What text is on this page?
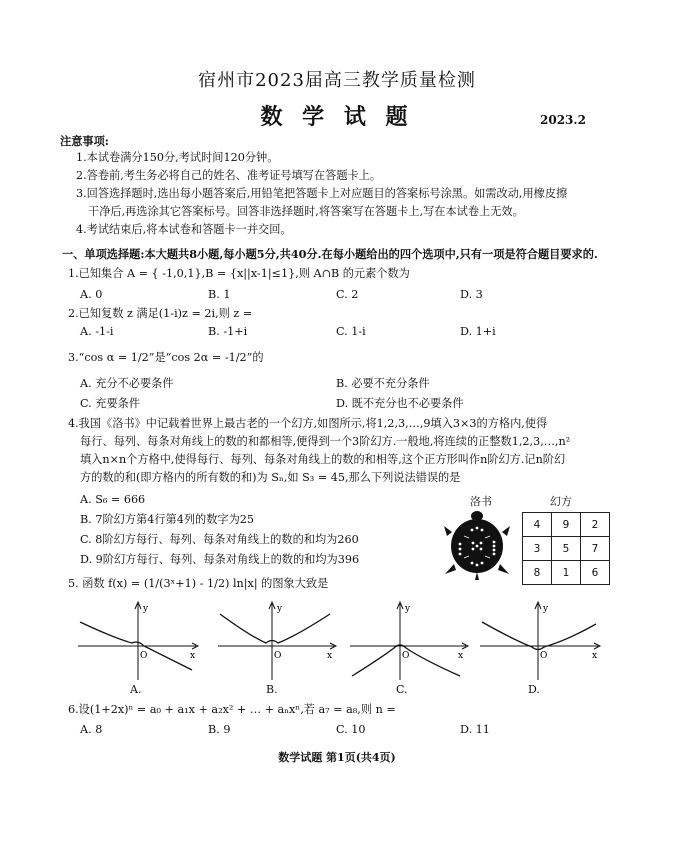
宿州市2023届高三教学质量检测
数 学 试 题	2023.2
注意事项:
1.本试卷满分150分,考试时间120分钟。
2.答卷前,考生务必将自己的姓名、准考证号填写在答题卡上。
3.回答选择题时,选出每小题答案后,用铅笔把答题卡上对应题目的答案标号涂黑。如需改动,用橡皮擦
干净后,再选涂其它答案标号。回答非选择题时,将答案写在答题卡上,写在本试卷上无效。
4.考试结束后,将本试卷和答题卡一并交回。
一、单项选择题:本大题共8小题,每小题5分,共40分.在每小题给出的四个选项中,只有一项是符合题目要求的.
1.已知集合 A = { -1,0,1},B = {x||x-1|≤1},则 A∩B 的元素个数为
A. 0	B. 1	C. 2	D. 3
2.已知复数 z 满足(1-i)z = 2i,则 z =
A. -1-i	B. -1+i	C. 1-i	D. 1+i
3.“cos α = 1/2”是“cos 2α = -1/2”的
A. 充分不必要条件	B. 必要不充分条件
C. 充要条件	D. 既不充分也不必要条件
4.我国《洛书》中记载着世界上最古老的一个幻方,如图所示,将1,2,3,…,9填入3×3的方格内,使得
每行、每列、每条对角线上的数的和都相等,便得到一个3阶幻方.一般地,将连续的正整数1,2,3,…,n²
填入n×n个方格中,使得每行、每列、每条对角线上的数的和相等,这个正方形叫作n阶幻方.记n阶幻
方的数的和(即方格内的所有数的和)为 Sₙ,如 S₃ = 45,那么下列说法错误的是
A. S₆ = 666
B. 7阶幻方第4行第4列的数字为25
C. 8阶幻方每行、每列、每条对角线上的数的和均为260
D. 9阶幻方每行、每列、每条对角线上的数的和均为396
洛书	幻方
4	9	2
3	5	7
8	1	6
5. 函数 f(x) = (1/(3ˣ+1) - 1/2) ln|x| 的图象大致是
y
x
O
A.
y
x
O
B.
y
x
O
C.
y
x
O
D.
6.设(1+2x)ⁿ = a₀ + a₁x + a₂x² + … + aₙxⁿ,若 a₇ = a₈,则 n =
A. 8	B. 9	C. 10	D. 11
数学试题 第1页(共4页)
